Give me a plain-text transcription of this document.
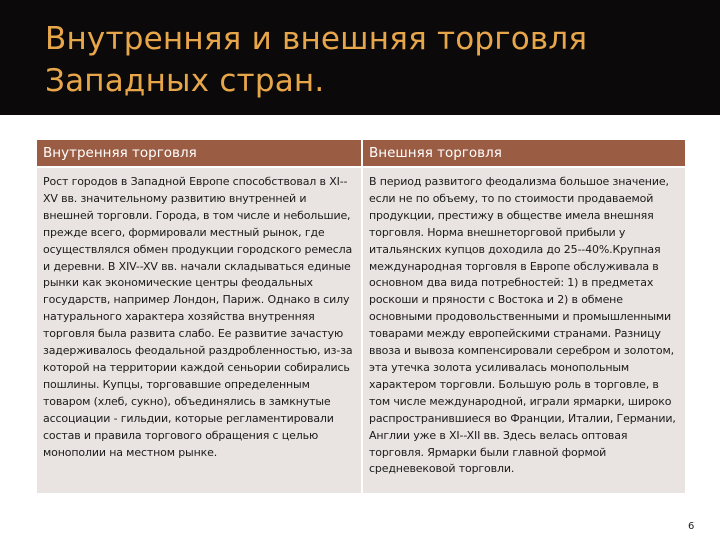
Внутренняя и внешняя торговля Западных стран.
Внутренняя торговля	Внешняя торговля
Рост городов в Западной Европе способствовал в XI--XV вв. значительному развитию внутренней и внешней торговли. Города, в том числе и небольшие, прежде всего, формировали местный рынок, где осуществлялся обмен продукции городского ремесла и деревни. В XIV--XV вв. начали складываться единые рынки как экономические центры феодальных государств, например Лондон, Париж. Однако в силу натурального характера хозяйства внутренняя торговля была развита слабо. Ее развитие зачастую задерживалось феодальной раздробленностью, из-за которой на территории каждой сеньории собирались пошлины. Купцы, торговавшие определенным товаром (хлеб, сукно), объединялись в замкнутые ассоциации - гильдии, которые регламентировали состав и правила торгового обращения с целью монополии на местном рынке.
В период развитого феодализма большое значение, если не по объему, то по стоимости продаваемой продукции, престижу в обществе имела внешняя торговля. Норма внешнеторговой прибыли у итальянских купцов доходила до 25--40%.Крупная международная торговля в Европе обслуживала в основном два вида потребностей: 1) в предметах роскоши и пряности с Востока и 2) в обмене основными продовольственными и промышленными товарами между европейскими странами. Разницу ввоза и вывоза компенсировали серебром и золотом, эта утечка золота усиливалась монопольным характером торговли. Большую роль в торговле, в том числе международной, играли ярмарки, широко распространившиеся во Франции, Италии, Германии, Англии уже в XI--XII вв. Здесь велась оптовая торговля. Ярмарки были главной формой средневековой торговли.
6
